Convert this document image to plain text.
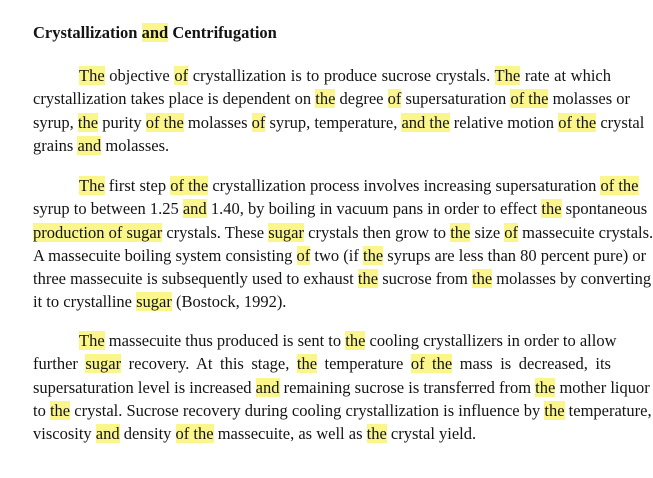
Crystallization and Centrifugation
The objective of crystallization is to produce sucrose crystals. The rate at which
crystallization takes place is dependent on the degree of supersaturation of the molasses or
syrup, the purity of the molasses of syrup, temperature, and the relative motion of the crystal
grains and molasses.
The first step of the crystallization process involves increasing supersaturation of the
syrup to between 1.25 and 1.40, by boiling in vacuum pans in order to effect the spontaneous
production of sugar crystals. These sugar crystals then grow to the size of massecuite crystals.
A massecuite boiling system consisting of two (if the syrups are less than 80 percent pure) or
three massecuite is subsequently used to exhaust the sucrose from the molasses by converting
it to crystalline sugar (Bostock, 1992).
The massecuite thus produced is sent to the cooling crystallizers in order to allow
further sugar recovery. At this stage, the temperature of the mass is decreased, its
supersaturation level is increased and remaining sucrose is transferred from the mother liquor
to the crystal. Sucrose recovery during cooling crystallization is influence by the temperature,
viscosity and density of the massecuite, as well as the crystal yield.
